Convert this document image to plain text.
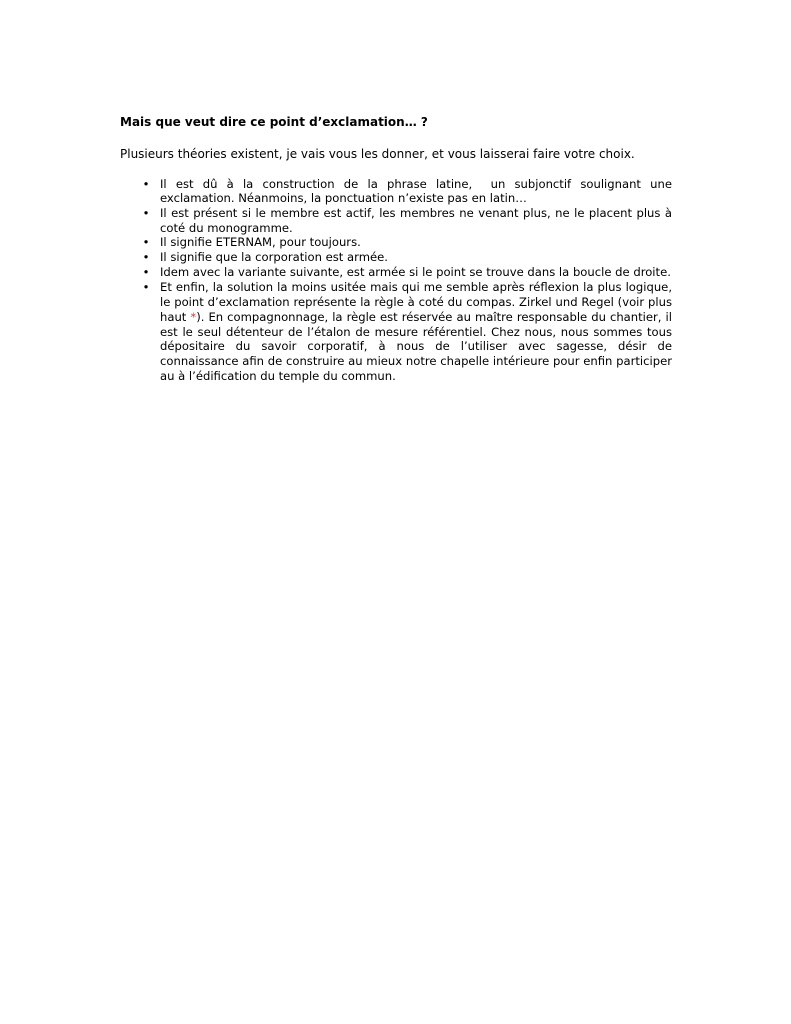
Mais que veut dire ce point d’exclamation… ?

Plusieurs théories existent, je vais vous les donner, et vous laisserai faire votre choix.

• Il est dû à la construction de la phrase latine,  un subjonctif soulignant une exclamation. Néanmoins, la ponctuation n’existe pas en latin…
• Il est présent si le membre est actif, les membres ne venant plus, ne le placent plus à coté du monogramme.
• Il signifie ETERNAM, pour toujours.
• Il signifie que la corporation est armée.
• Idem avec la variante suivante, est armée si le point se trouve dans la boucle de droite.
• Et enfin, la solution la moins usitée mais qui me semble après réflexion la plus logique, le point d’exclamation représente la règle à coté du compas. Zirkel und Regel (voir plus haut *). En compagnonnage, la règle est réservée au maître responsable du chantier, il est le seul détenteur de l’étalon de mesure référentiel. Chez nous, nous sommes tous dépositaire du savoir corporatif, à nous de l’utiliser avec sagesse, désir de connaissance afin de construire au mieux notre chapelle intérieure pour enfin participer au à l’édification du temple du commun.
